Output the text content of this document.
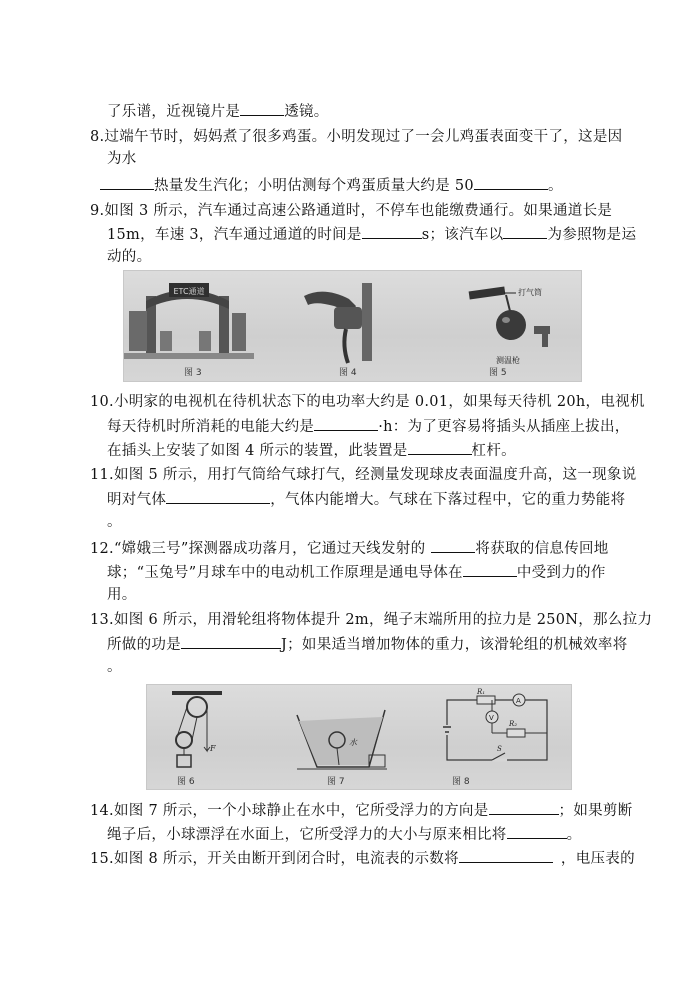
了乐谱，近视镜片是	透镜。
8.过端午节时，妈妈煮了很多鸡蛋。小明发现过了一会儿鸡蛋表面变干了，这是因
为水
热量发生汽化；小明估测每个鸡蛋质量大约是 50	。
9.如图 3 所示，汽车通过高速公路通道时，不停车也能缴费通行。如果通道长是
15m，车速 3，汽车通过通道的时间是	s；该汽车以	为参照物是运
动的。
ETC通道
图 3	图 4
打气筒
测温枪
图 5
10.小明家的电视机在待机状态下的电功率大约是 0.01，如果每天待机 20h，电视机
每天待机时所消耗的电能大约是	·h：为了更容易将插头从插座上拔出，
在插头上安装了如图 4 所示的装置，此装置是	杠杆。
11.如图 5 所示，用打气筒给气球打气，经测量发现球皮表面温度升高，这一现象说
明对气体	，气体内能增大。气球在下落过程中，它的重力势能将
。
12.“嫦娥三号”探测器成功落月，它通过天线发射的	将获取的信息传回地
球；“玉兔号”月球车中的电动机工作原理是通电导体在	中受到力的作
用。
13.如图 6 所示，用滑轮组将物体提升 2m，绳子末端所用的拉力是 250N，那么拉力
所做的功是	J；如果适当增加物体的重力，该滑轮组的机械效率将
。
F
图 6
水
图 7
R₁
A
V
R₂
S
图 8
14.如图 7 所示，一个小球静止在水中，它所受浮力的方向是	；如果剪断
绳子后，小球漂浮在水面上，它所受浮力的大小与原来相比将	。
15.如图 8 所示，开关由断开到闭合时，电流表的示数将	，电压表的
